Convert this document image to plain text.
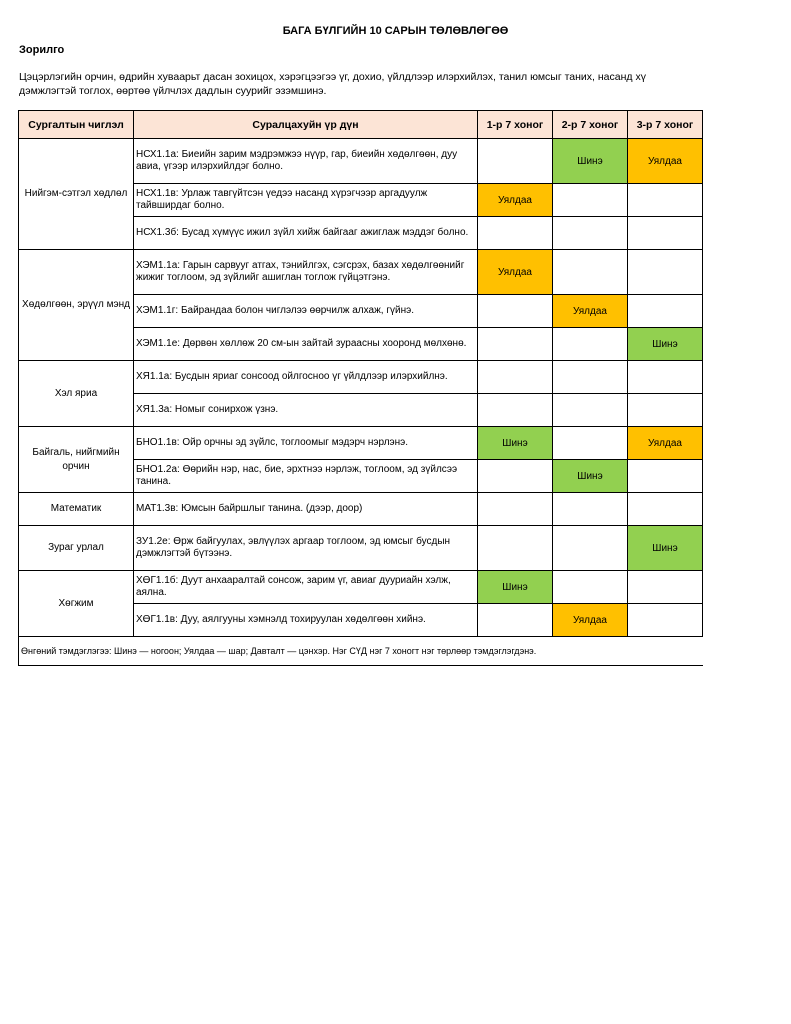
БАГА БҮЛГИЙН 10 САРЫН ТӨЛӨВЛӨГӨӨ
Зорилго
Цэцэрлэгийн орчин, өдрийн хуваарьт дасан зохицох, хэрэгцээгээ үг, дохио, үйлдлээр илэрхийлэх, танил юмсыг таних, насанд хү дэмжлэгтэй тоглох, өөртөө үйлчлэх дадлын суурийг эзэмшинэ.
Сургалтын чиглэл	Суралцахуйн үр дүн	1-р 7 хоног	2-р 7 хоног	3-р 7 хоног
Нийгэм-сэтгэл хөдлөл	НСХ1.1а: Биеийн зарим мэдрэмжээ нүүр, гар, биеийн хөдөлгөөн, дуу авиа, үгээр илэрхийлдэг болно.		Шинэ	Уялдаа
	НСХ1.1в: Урлаж тавгүйтсэн үедээ насанд хүрэгчээр аргадуулж тайвширдаг болно.	Уялдаа		
	НСХ1.3б: Бусад хүмүүс ижил зүйл хийж байгааг ажиглаж мэддэг болно.			
Хөдөлгөөн, эрүүл мэнд	ХЭМ1.1а: Гарын сарвууг атгах, тэнийлгэх, сэгсрэх, базах хөдөлгөөнийг жижиг тоглоом, эд зүйлийг ашиглан тоглож гүйцэтгэнэ.	Уялдаа		
	ХЭМ1.1г: Байрандаа болон чиглэлээ өөрчилж алхаж, гүйнэ.		Уялдаа	
	ХЭМ1.1е: Дөрвөн хөллөж 20 см-ын зайтай зураасны хооронд мөлхөнө.			Шинэ
Хэл яриа	ХЯ1.1а: Бусдын яриаг сонсоод ойлгосноо үг үйлдлээр илэрхийлнэ.			
	ХЯ1.3а: Номыг сонирхож үзнэ.			
Байгаль, нийгмийн орчин	БНО1.1в: Ойр орчны эд зүйлс, тоглоомыг мэдэрч нэрлэнэ.	Шинэ		Уялдаа
	БНО1.2а: Өөрийн нэр, нас, бие, эрхтнээ нэрлэж, тоглоом, эд зүйлсээ танина.		Шинэ	
Математик	МАТ1.3в: Юмсын байршлыг танина. (дээр, доор)			
Зураг урлал	ЗУ1.2е: Өрж байгуулах, эвлүүлэх аргаар тоглоом, эд юмсыг бусдын дэмжлэгтэй бүтээнэ.			Шинэ
Хөгжим	ХӨГ1.1б: Дуут анхааралтай сонсож, зарим үг, авиаг дууриайн хэлж, аялна.	Шинэ		
	ХӨГ1.1в: Дуу, аялгууны хэмнэлд тохируулан хөдөлгөөн хийнэ.		Уялдаа	
Өнгөний тэмдэглэгээ: Шинэ — ногоон; Уялдаа — шар; Давталт — цэнхэр. Нэг СҮД нэг 7 хоногт нэг төрлөөр тэмдэглэгдэнэ.				
